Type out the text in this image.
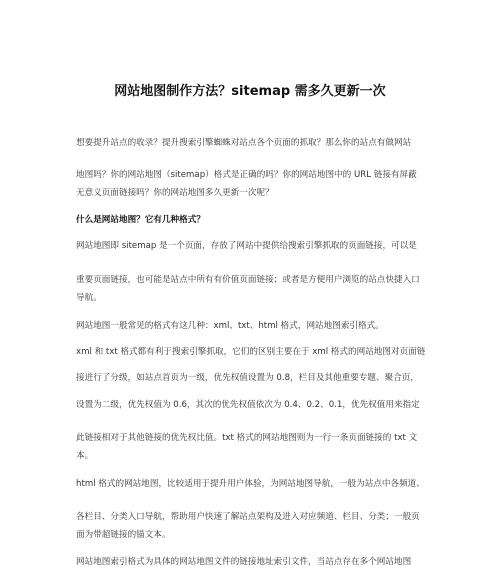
网站地图制作方法？sitemap 需多久更新一次
想要提升站点的收录？提升搜索引擎蜘蛛对站点各个页面的抓取？那么你的站点有做网站
地图吗？你的网站地图（sitemap）格式是正确的吗？你的网站地图中的 URL 链接有屏蔽
无意义页面链接吗？你的网站地图多久更新一次呢？
什么是网站地图？它有几种格式？
网站地图即 sitemap 是一个页面，存放了网站中提供给搜索引擎抓取的页面链接，可以是
重要页面链接，也可能是站点中所有有价值页面链接；或者是方便用户浏览的站点快捷入口
导航。
网站地图一般常见的格式有这几种：xml、txt、html 格式，网站地图索引格式。
xml 和 txt 格式都有利于搜索引擎抓取，它们的区别主要在于 xml 格式的网站地图对页面链
接进行了分级，如站点首页为一级，优先权值设置为 0.8，栏目及其他重要专题、聚合页，
设置为二级，优先权值为 0.6，其次的优先权值依次为 0.4、0.2、0.1，优先权值用来指定
此链接相对于其他链接的优先权比值。txt 格式的网站地图则为一行一条页面链接的 txt 文
本。
html 格式的网站地图，比较适用于提升用户体验，为网站地图导航，一般为站点中各频道、
各栏目、分类入口导航，帮助用户快速了解站点架构及进入对应频道、栏目、分类；一般页
面为带超链接的锚文本。
网站地图索引格式为具体的网站地图文件的链接地址索引文件，当站点存在多个网站地图
